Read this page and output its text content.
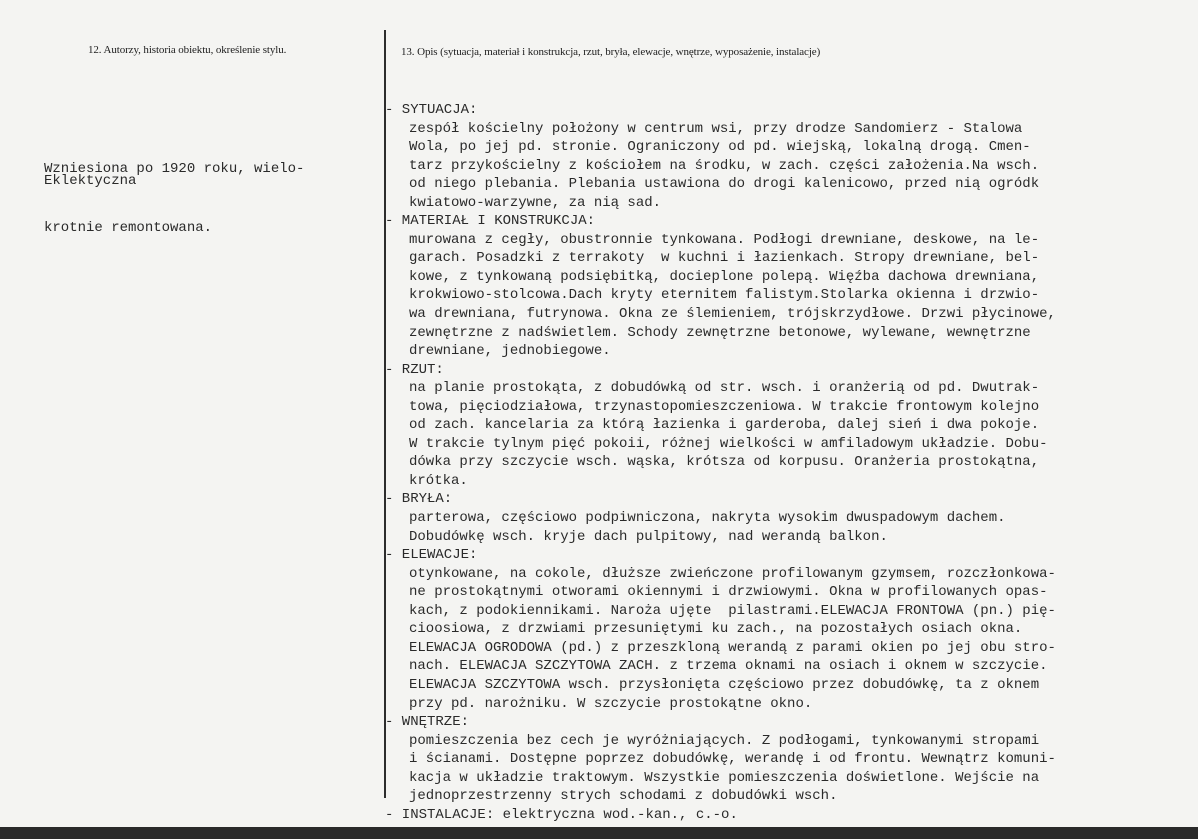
12. Autorzy, historia obiektu, określenie stylu.	13. Opis (sytuacja, materiał i konstrukcja, rzut, bryła, elewacje, wnętrze, wyposażenie, instalacje)

Wzniesiona po 1920 roku, wielo-

krotnie remontowana.

Eklektyczna
- SYTUACJA:
zespół kościelny położony w centrum wsi, przy drodze Sandomierz - Stalowa
Wola, po jej pd. stronie. Ograniczony od pd. wiejską, lokalną drogą. Cmen-
tarz przykościelny z kościołem na środku, w zach. części założenia.Na wsch.
od niego plebania. Plebania ustawiona do drogi kalenicowo, przed nią ogródk
kwiatowo-warzywne, za nią sad.
- MATERIAŁ I KONSTRUKCJA:
murowana z cegły, obustronnie tynkowana. Podłogi drewniane, deskowe, na le-
garach. Posadzki z terrakoty  w kuchni i łazienkach. Stropy drewniane, bel-
kowe, z tynkowaną podsiębitką, docieplone polepą. Więźba dachowa drewniana,
krokwiowo-stolcowa.Dach kryty eternitem falistym.Stolarka okienna i drzwio-
wa drewniana, futrynowa. Okna ze ślemieniem, trójskrzydłowe. Drzwi płycinowe,
zewnętrzne z nadświetlem. Schody zewnętrzne betonowe, wylewane, wewnętrzne
drewniane, jednobiegowe.
- RZUT:
na planie prostokąta, z dobudówką od str. wsch. i oranżerią od pd. Dwutrak-
towa, pięciodziałowa, trzynastopomieszczeniowa. W trakcie frontowym kolejno
od zach. kancelaria za którą łazienka i garderoba, dalej sień i dwa pokoje.
W trakcie tylnym pięć pokoii, różnej wielkości w amfiladowym układzie. Dobu-
dówka przy szczycie wsch. wąska, krótsza od korpusu. Oranżeria prostokątna,
krótka.
- BRYŁA:
parterowa, częściowo podpiwniczona, nakryta wysokim dwuspadowym dachem.
Dobudówkę wsch. kryje dach pulpitowy, nad werandą balkon.
- ELEWACJE:
otynkowane, na cokole, dłuższe zwieńczone profilowanym gzymsem, rozczłonkowa-
ne prostokątnymi otworami okiennymi i drzwiowymi. Okna w profilowanych opas-
kach, z podokiennikami. Naroża ujęte  pilastrami.ELEWACJA FRONTOWA (pn.) pię-
cioosiowa, z drzwiami przesuniętymi ku zach., na pozostałych osiach okna.
ELEWACJA OGRODOWA (pd.) z przeszkloną werandą z parami okien po jej obu stro-
nach. ELEWACJA SZCZYTOWA ZACH. z trzema oknami na osiach i oknem w szczycie.
ELEWACJA SZCZYTOWA wsch. przysłonięta częściowo przez dobudówkę, ta z oknem
przy pd. narożniku. W szczycie prostokątne okno.
- WNĘTRZE:
pomieszczenia bez cech je wyróżniających. Z podłogami, tynkowanymi stropami
i ścianami. Dostępne poprzez dobudówkę, werandę i od frontu. Wewnątrz komuni-
kacja w układzie traktowym. Wszystkie pomieszczenia doświetlone. Wejście na
jednoprzestrzenny strych schodami z dobudówki wsch.
- INSTALACJE: elektryczna wod.-kan., c.-o.
